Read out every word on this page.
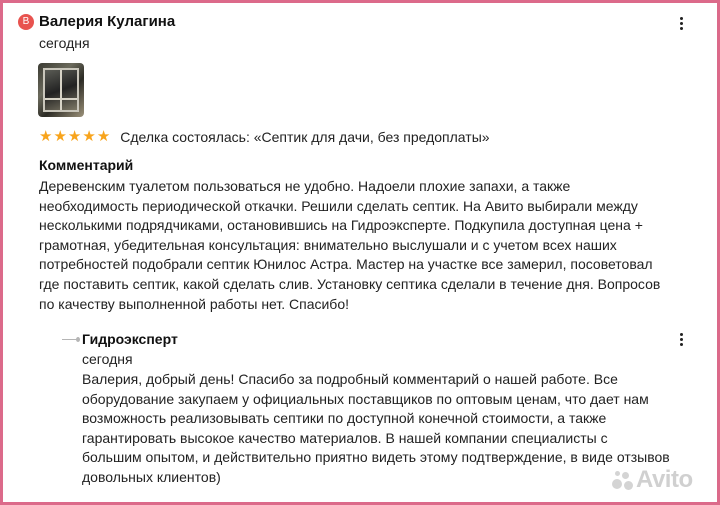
В Валерия Кулагина
сегодня
★ ★ ★ ★ ★ Сделка состоялась: «Септик для дачи, без предоплаты»
Комментарий
Деревенским туалетом пользоваться не удобно. Надоели плохие запахи, а также
необходимость периодической откачки. Решили сделать септик. На Авито выбирали между
несколькими подрядчиками, остановившись на Гидроэксперте. Подкупила доступная цена +
грамотная, убедительная консультация: внимательно выслушали и с учетом всех наших
потребностей подобрали септик Юнилос Астра. Мастер на участке все замерил, посоветовал
где поставить септик, какой сделать слив. Установку септика сделали в течение дня. Вопросов
по качеству выполненной работы нет. Спасибо!
Гидроэксперт
сегодня
Валерия, добрый день! Спасибо за подробный комментарий о нашей работе. Все
оборудование закупаем у официальных поставщиков по оптовым ценам, что дает нам
возможность реализовывать септики по доступной конечной стоимости, а также
гарантировать высокое качество материалов. В нашей компании специалисты с
большим опытом, и действительно приятно видеть этому подтверждение, в виде отзывов
довольных клиентов)	Avito
